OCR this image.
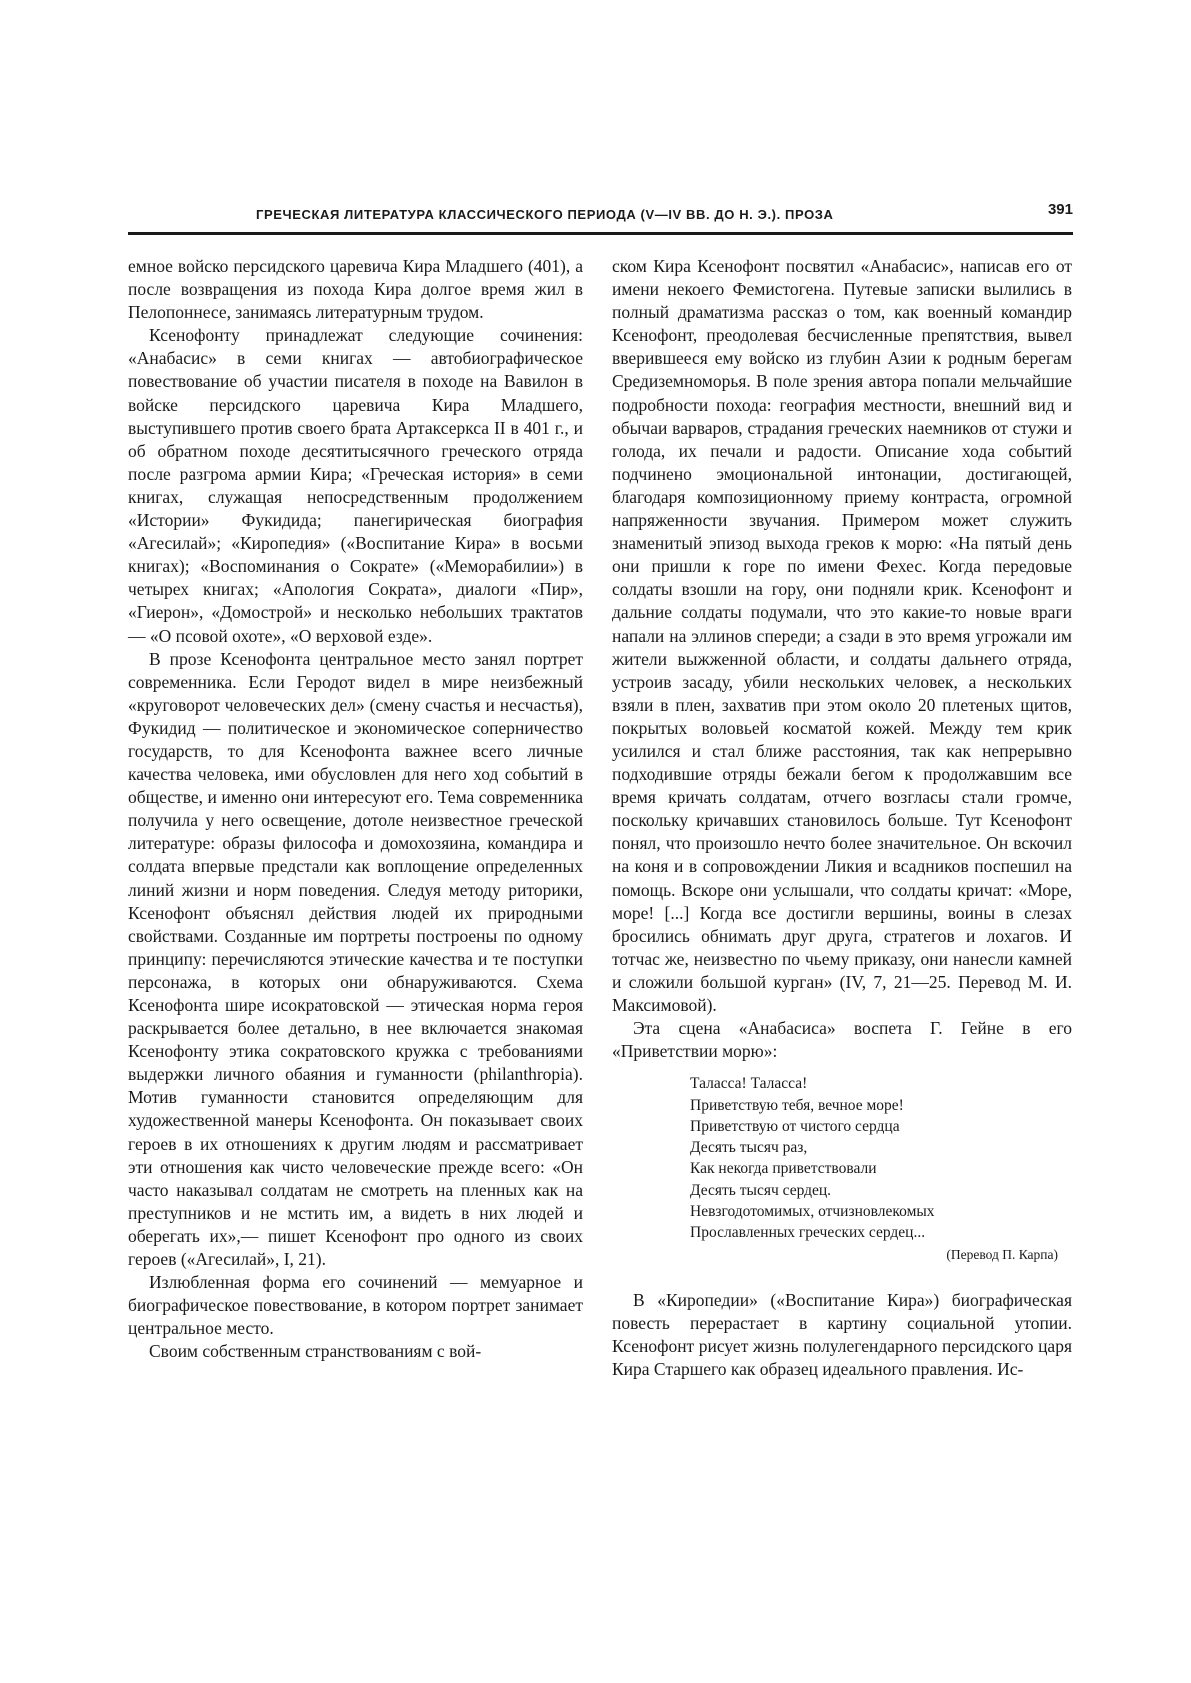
ГРЕЧЕСКАЯ ЛИТЕРАТУРА КЛАССИЧЕСКОГО ПЕРИОДА (V—IV ВВ. ДО Н. Э.). ПРОЗА	391

емное войско персидского царевича Кира Младшего (401), а после возвращения из похода Кира долгое время жил в Пелопоннесе, занимаясь литературным трудом.

Ксенофонту принадлежат следующие сочинения: «Анабасис» в семи книгах — автобиографическое повествование об участии писателя в походе на Вавилон в войске персидского царевича Кира Младшего, выступившего против своего брата Артаксеркса II в 401 г., и об обратном походе десятитысячного греческого отряда после разгрома армии Кира; «Греческая история» в семи книгах, служащая непосредственным продолжением «Истории» Фукидида; панегирическая биография «Агесилай»; «Киропедия» («Воспитание Кира» в восьми книгах); «Воспоминания о Сократе» («Меморабилии») в четырех книгах; «Апология Сократа», диалоги «Пир», «Гиерон», «Домострой» и несколько небольших трактатов — «О псовой охоте», «О верховой езде».

В прозе Ксенофонта центральное место занял портрет современника. Если Геродот видел в мире неизбежный «круговорот человеческих дел» (смену счастья и несчастья), Фукидид — политическое и экономическое соперничество государств, то для Ксенофонта важнее всего личные качества человека, ими обусловлен для него ход событий в обществе, и именно они интересуют его. Тема современника получила у него освещение, дотоле неизвестное греческой литературе: образы философа и домохозяина, командира и солдата впервые предстали как воплощение определенных линий жизни и норм поведения. Следуя методу риторики, Ксенофонт объяснял действия людей их природными свойствами. Созданные им портреты построены по одному принципу: перечисляются этические качества и те поступки персонажа, в которых они обнаруживаются. Схема Ксенофонта шире исократовской — этическая норма героя раскрывается более детально, в нее включается знакомая Ксенофонту этика сократовского кружка с требованиями выдержки личного обаяния и гуманности (philanthropia). Мотив гуманности становится определяющим для художественной манеры Ксенофонта. Он показывает своих героев в их отношениях к другим людям и рассматривает эти отношения как чисто человеческие прежде всего: «Он часто наказывал солдатам не смотреть на пленных как на преступников и не мстить им, а видеть в них людей и оберегать их»,— пишет Ксенофонт про одного из своих героев («Агесилай», I, 21).

Излюбленная форма его сочинений — мемуарное и биографическое повествование, в котором портрет занимает центральное место.

Своим собственным странствованиям с вой-

ском Кира Ксенофонт посвятил «Анабасис», написав его от имени некоего Фемистогена. Путевые записки вылились в полный драматизма рассказ о том, как военный командир Ксенофонт, преодолевая бесчисленные препятствия, вывел вверившееся ему войско из глубин Азии к родным берегам Средиземноморья. В поле зрения автора попали мельчайшие подробности похода: география местности, внешний вид и обычаи варваров, страдания греческих наемников от стужи и голода, их печали и радости. Описание хода событий подчинено эмоциональной интонации, достигающей, благодаря композиционному приему контраста, огромной напряженности звучания. Примером может служить знаменитый эпизод выхода греков к морю: «На пятый день они пришли к горе по имени Фехес. Когда передовые солдаты взошли на гору, они подняли крик. Ксенофонт и дальние солдаты подумали, что это какие-то новые враги напали на эллинов спереди; а сзади в это время угрожали им жители выжженной области, и солдаты дальнего отряда, устроив засаду, убили нескольких человек, а нескольких взяли в плен, захватив при этом около 20 плетеных щитов, покрытых воловьей косматой кожей. Между тем крик усилился и стал ближе расстояния, так как непрерывно подходившие отряды бежали бегом к продолжавшим все время кричать солдатам, отчего возгласы стали громче, поскольку кричавших становилось больше. Тут Ксенофонт понял, что произошло нечто более значительное. Он вскочил на коня и в сопровождении Ликия и всадников поспешил на помощь. Вскоре они услышали, что солдаты кричат: «Море, море! [...] Когда все достигли вершины, воины в слезах бросились обнимать друг друга, стратегов и лохагов. И тотчас же, неизвестно по чьему приказу, они нанесли камней и сложили большой курган» (IV, 7, 21—25. Перевод М. И. Максимовой).

Эта сцена «Анабасиса» воспета Г. Гейне в его «Приветствии морю»:

Таласса! Таласса!
Приветствую тебя, вечное море!
Приветствую от чистого сердца
Десять тысяч раз,
Как некогда приветствовали
Десять тысяч сердец.
Невзгодотомимых, отчизновлекомых
Прославленных греческих сердец...
(Перевод П. Карпа)

В «Киропедии» («Воспитание Кира») биографическая повесть перерастает в картину социальной утопии. Ксенофонт рисует жизнь полулегендарного персидского царя Кира Старшего как образец идеального правления. Ис-
